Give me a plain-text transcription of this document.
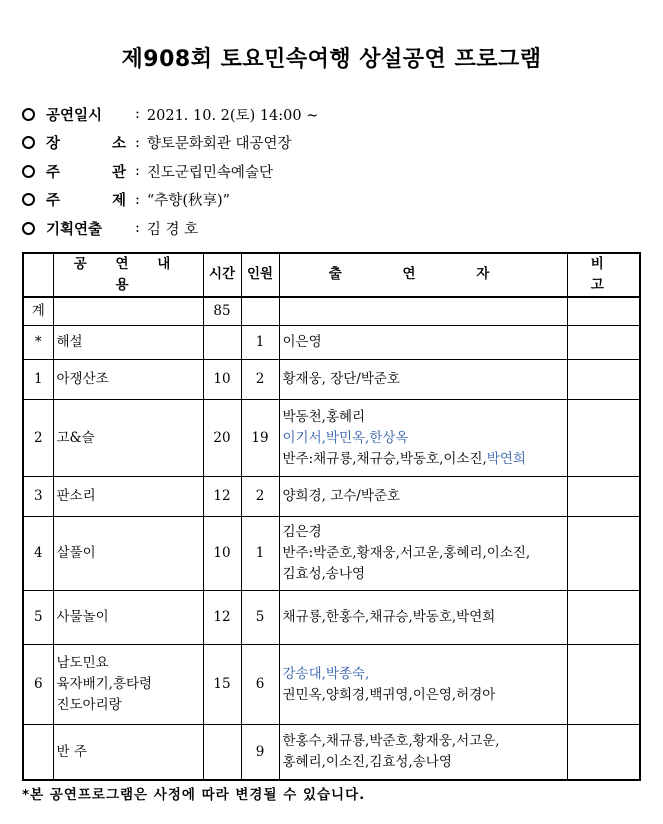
제908회 토요민속여행 상설공연 프로그램
공연일시	: 2021. 10. 2(토) 14:00 ~
장 소 : 향토문화회관 대공연장
주 관 : 진도군립민속예술단
주 제 : “추향(秋享)”
기획연출	: 김 경 호
	공 연 내 용	시간	인원	출 연 자	비 고
계		85			
*	해설		1	이은영	

1	아쟁산조	10	2	황재웅, 장단/박준호	

2	고&슬	20	19	박동천,홍혜리
이기서,박민옥,한상옥
반주:채규룡,채규승,박동호,이소진,박연희	

3	판소리	12	2	양희경, 고수/박준호	

4	살풀이	10	1	김은경
반주:박준호,황재웅,서고운,홍혜리,이소진,
김효성,송나영	

5	사물놀이	12	5	채규룡,한홍수,채규승,박동호,박연희	

6	남도민요
육자배기,흥타령
진도아리랑	15	6	강송대,박종숙,
권민옥,양희경,백귀영,이은영,허경아	

	반 주		9	한홍수,채규룡,박준호,황재웅,서고운,
홍혜리,이소진,김효성,송나영	

*본 공연프로그램은 사정에 따라 변경될 수 있습니다.
